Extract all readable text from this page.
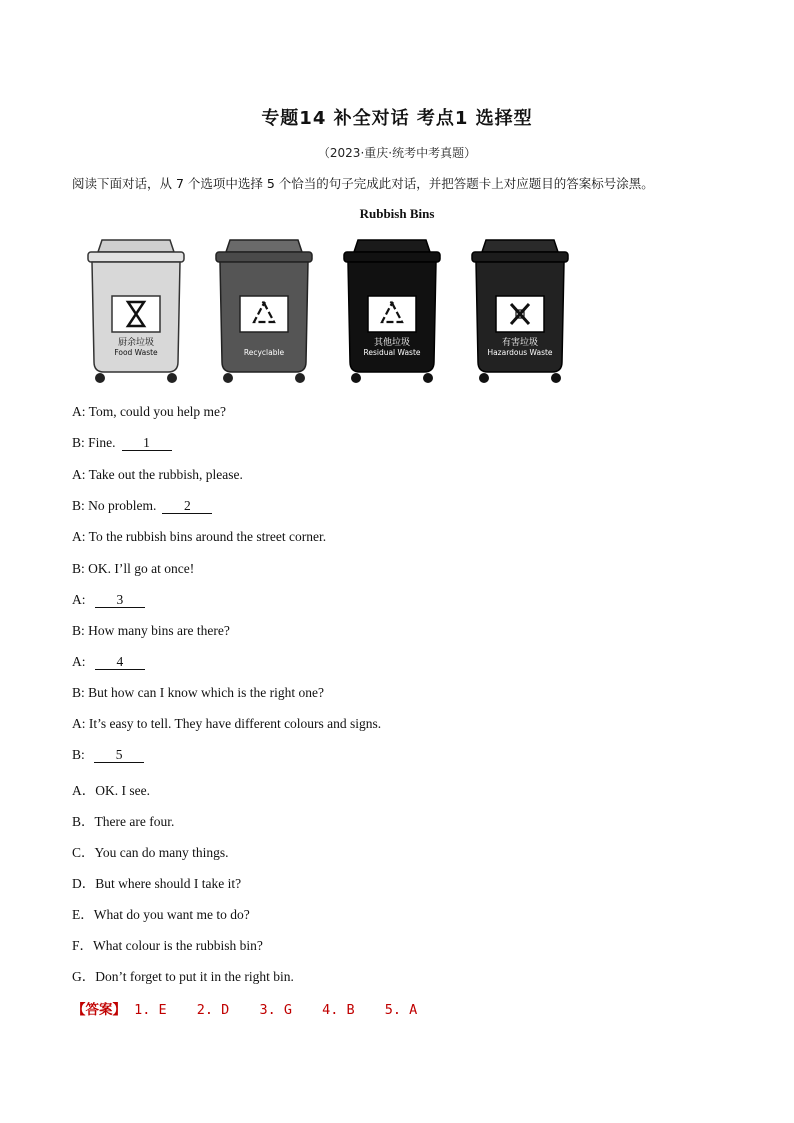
专题14 补全对话 考点1 选择型
（2023·重庆·统考中考真题）
阅读下面对话，从 7 个选项中选择 5 个恰当的句子完成此对话，并把答题卡上对应题目的答案标号涂黑。
Rubbish Bins
厨余垃圾
Food Waste	Recyclable
其他垃圾
Residual Waste
有害垃圾
Hazardous Waste
A: Tom, could you help me?
B: Fine. 1
A: Take out the rubbish, please.
B: No problem. 2
A: To the rubbish bins around the street corner.
B: OK. I’ll go at once!
A: 3
B: How many bins are there?
A: 4
B: But how can I know which is the right one?
A: It’s easy to tell. They have different colours and signs.
B: 5
A．OK. I see.
B．There are four.
C．You can do many things.
D．But where should I take it?
E．What do you want me to do?
F．What colour is the rubbish bin?
G．Don’t forget to put it in the right bin.
【答案】 1. E 2. D 3. G 4. B 5. A
